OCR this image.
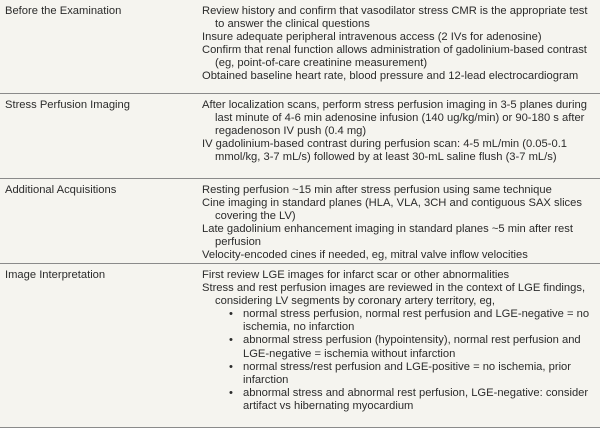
Before the Examination	Review history and confirm that vasodilator stress CMR is the appropriate test to answer the clinical questions
Insure adequate peripheral intravenous access (2 IVs for adenosine)
Confirm that renal function allows administration of gadolinium-based contrast (eg, point-of-care creatinine measurement)
Obtained baseline heart rate, blood pressure and 12-lead electrocardiogram
Stress Perfusion Imaging	After localization scans, perform stress perfusion imaging in 3-5 planes during last minute of 4-6 min adenosine infusion (140 ug/kg/min) or 90-180 s after regadenoson IV push (0.4 mg)
IV gadolinium-based contrast during perfusion scan: 4-5 mL/min (0.05-0.1 mmol/kg, 3-7 mL/s) followed by at least 30-mL saline flush (3-7 mL/s)
Additional Acquisitions	Resting perfusion ~15 min after stress perfusion using same technique
Cine imaging in standard planes (HLA, VLA, 3CH and contiguous SAX slices covering the LV)
Late gadolinium enhancement imaging in standard planes ~5 min after rest perfusion
Velocity-encoded cines if needed, eg, mitral valve inflow velocities
Image Interpretation	First review LGE images for infarct scar or other abnormalities
Stress and rest perfusion images are reviewed in the context of LGE findings, considering LV segments by coronary artery territory, eg,
• normal stress perfusion, normal rest perfusion and LGE-negative = no ischemia, no infarction
• abnormal stress perfusion (hypointensity), normal rest perfusion and LGE-negative = ischemia without infarction
• normal stress/rest perfusion and LGE-positive = no ischemia, prior infarction
• abnormal stress and abnormal rest perfusion, LGE-negative: consider artifact vs hibernating myocardium
